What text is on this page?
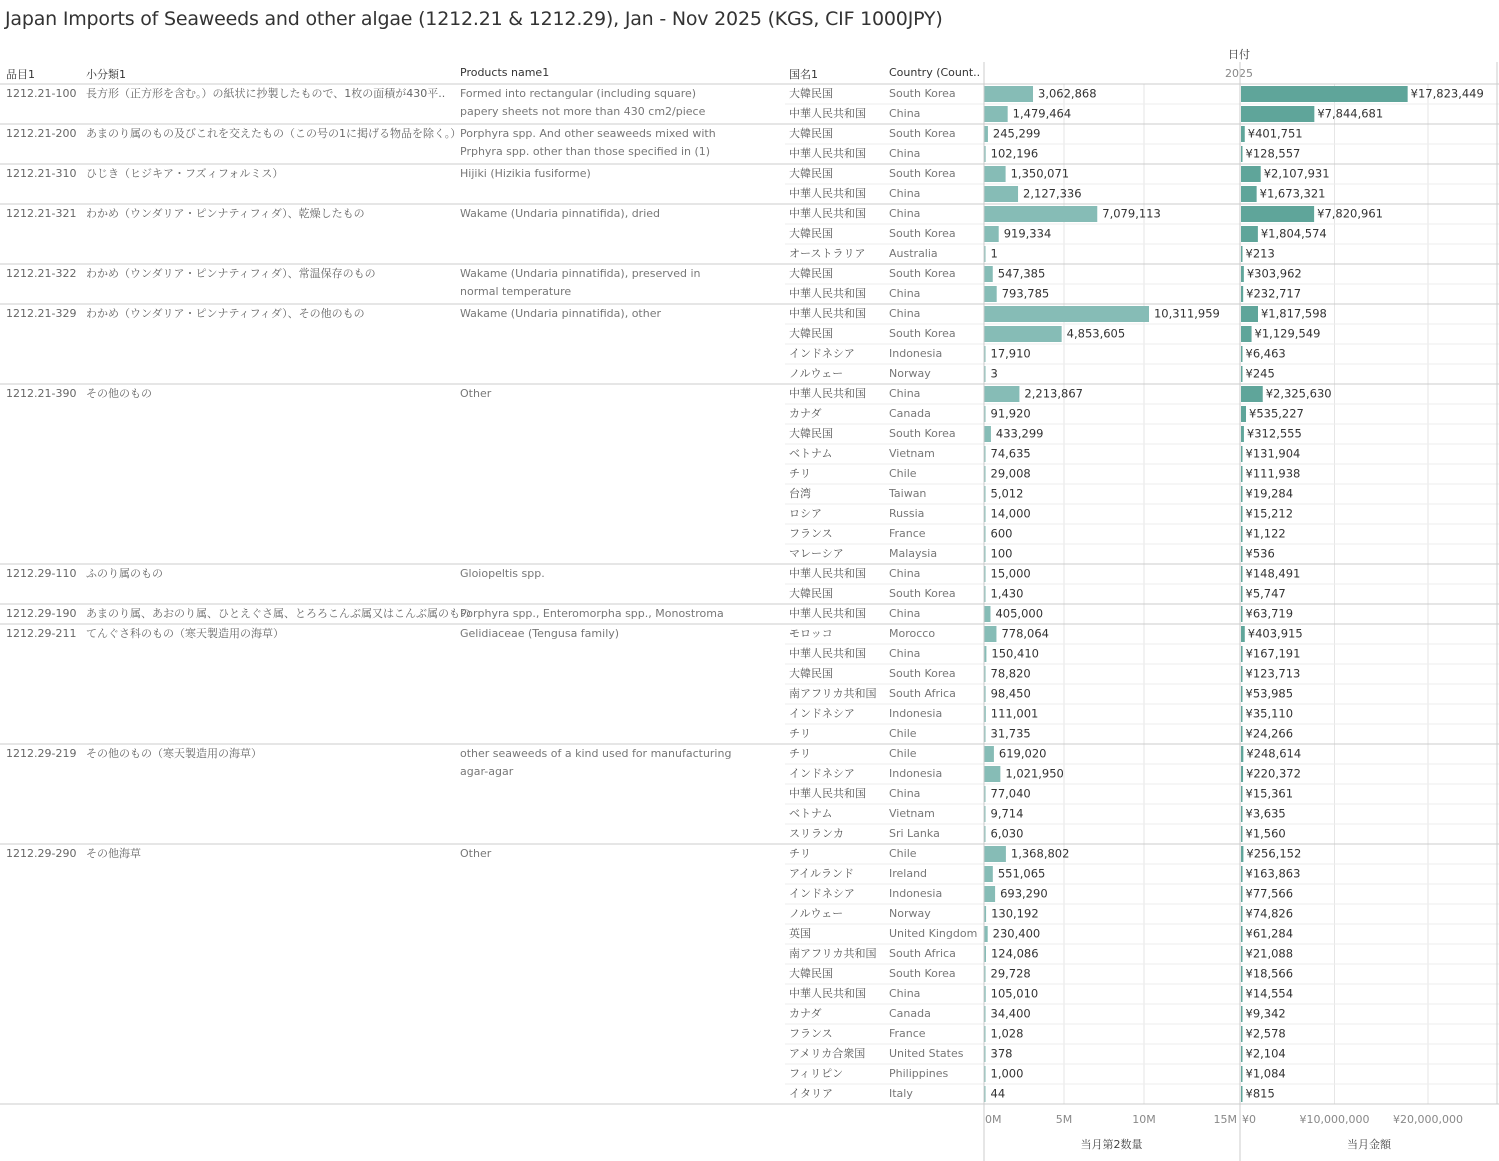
Japan Imports of Seaweeds and other algae (1212.21 & 1212.29), Jan - Nov 2025 (KGS, CIF 1000JPY)
品目1	小分類1	Products name1	国名1	Country (Count..
日付
2025
1212.21-100 長方形（正方形を含む。）の紙状に抄製したもので、1枚の面積が430平.. Formed into rectangular (including square)
papery sheets not more than 430 cm2/piece
大韓民国	South Korea	3,062,868	¥17,823,449
中華人民共和国 China	1,479,464	¥7,844,681
1212.21-200 あまのり属のもの及びこれを交えたもの（この号の1に掲げる物品を除く。）
Porphyra spp. And other seaweeds mixed with
Prphyra spp. other than those specified in (1)
大韓民国	South Korea	245,299	¥401,751
中華人民共和国 China	102,196	¥128,557
1212.21-310 ひじき（ヒジキア・フズィフォルミス）	Hijiki (Hizikia fusiforme)	大韓民国	South Korea	1,350,071	¥2,107,931
中華人民共和国 China	2,127,336	¥1,673,321
1212.21-321 わかめ（ウンダリア・ピンナティフィダ）、乾燥したもの	Wakame (Undaria pinnatifida), dried	中華人民共和国 China	7,079,113	¥7,820,961
大韓民国	South Korea	919,334	¥1,804,574
オーストラリア Australia	1	¥213
1212.21-322 わかめ（ウンダリア・ピンナティフィダ）、常温保存のもの	Wakame (Undaria pinnatifida), preserved in
normal temperature
大韓民国	South Korea	547,385	¥303,962
中華人民共和国 China	793,785	¥232,717
1212.21-329 わかめ（ウンダリア・ピンナティフィダ）、その他のもの	Wakame (Undaria pinnatifida), other	中華人民共和国 China	10,311,959	¥1,817,598
大韓民国	South Korea	4,853,605	¥1,129,549
インドネシア	Indonesia	17,910	¥6,463
ノルウェー	Norway	3	¥245
1212.21-390 その他のもの	Other	中華人民共和国 China	2,213,867	¥2,325,630
カナダ	Canada	91,920	¥535,227
大韓民国	South Korea	433,299	¥312,555
ベトナム	Vietnam	74,635	¥131,904
チリ	Chile	29,008	¥111,938
台湾	Taiwan	5,012	¥19,284
ロシア	Russia	14,000	¥15,212
フランス	France	600	¥1,122
マレーシア	Malaysia	100	¥536
1212.29-110 ふのり属のもの	Gloiopeltis spp.	中華人民共和国 China	15,000	¥148,491
大韓民国	South Korea	1,430	¥5,747
1212.29-190 あまのり属、あおのり属、ひとえぐさ属、とろろこんぶ属又はこんぶ属のもの
Porphyra spp., Enteromorpha spp., Monostroma	中華人民共和国 China	405,000	¥63,719
1212.29-211 てんぐさ科のもの（寒天製造用の海草）	Gelidiaceae (Tengusa family)	モロッコ	Morocco	778,064	¥403,915
中華人民共和国 China	150,410	¥167,191
大韓民国	South Korea	78,820	¥123,713
南アフリカ共和国 South Africa	98,450	¥53,985
インドネシア	Indonesia	111,001	¥35,110
チリ	Chile	31,735	¥24,266
1212.29-219 その他のもの（寒天製造用の海草）	other seaweeds of a kind used for manufacturing
agar-agar
チリ	Chile	619,020	¥248,614
インドネシア	Indonesia	1,021,950	¥220,372
中華人民共和国 China	77,040	¥15,361
ベトナム	Vietnam	9,714	¥3,635
スリランカ	Sri Lanka	6,030	¥1,560
1212.29-290 その他海草	Other	チリ	Chile	1,368,802	¥256,152
アイルランド	Ireland	551,065	¥163,863
インドネシア	Indonesia	693,290	¥77,566
ノルウェー	Norway	130,192	¥74,826
英国	United Kingdom 230,400	¥61,284
南アフリカ共和国 South Africa	124,086	¥21,088
大韓民国	South Korea	29,728	¥18,566
中華人民共和国 China	105,010	¥14,554
カナダ	Canada	34,400	¥9,342
フランス	France	1,028	¥2,578
アメリカ合衆国 United States 378	¥2,104
フィリピン	Philippines	1,000	¥1,084
イタリア	Italy	44	¥815
0M	5M	10M	15M ¥0	¥10,000,000 ¥20,000,000
当月第2数量	当月金額
